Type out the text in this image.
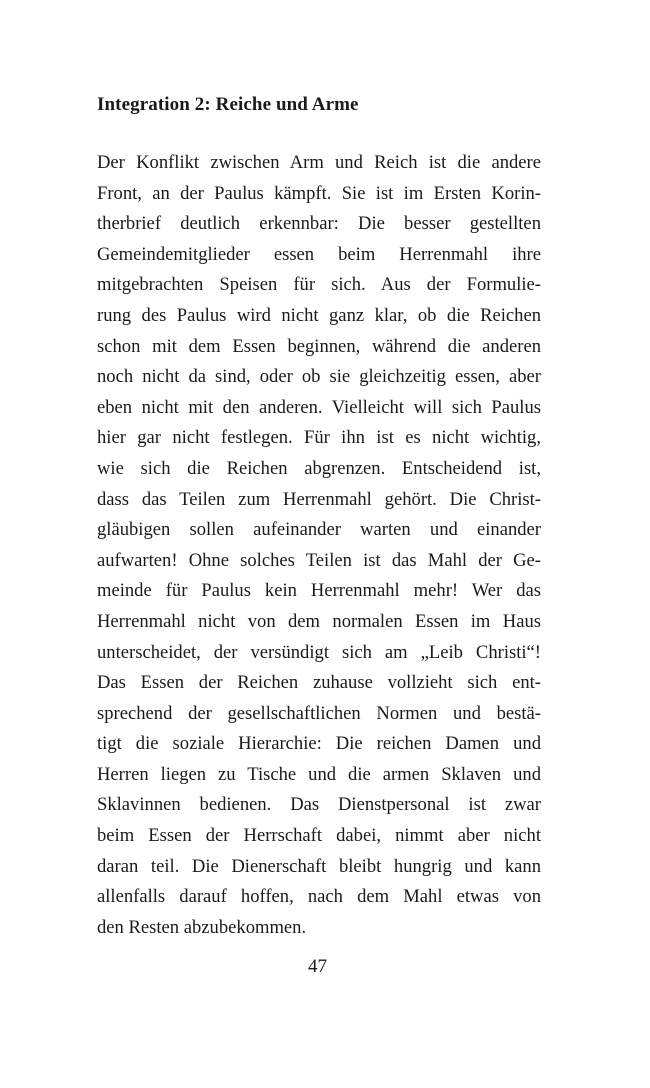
Integration 2: Reiche und Arme
Der Konflikt zwischen Arm und Reich ist die andere
Front, an der Paulus kämpft. Sie ist im Ersten Korin-
therbrief deutlich erkennbar: Die besser gestellten
Gemeindemitglieder essen beim Herrenmahl ihre
mitgebrachten Speisen für sich. Aus der Formulie-
rung des Paulus wird nicht ganz klar, ob die Reichen
schon mit dem Essen beginnen, während die anderen
noch nicht da sind, oder ob sie gleichzeitig essen, aber
eben nicht mit den anderen. Vielleicht will sich Paulus
hier gar nicht festlegen. Für ihn ist es nicht wichtig,
wie sich die Reichen abgrenzen. Entscheidend ist,
dass das Teilen zum Herrenmahl gehört. Die Christ-
gläubigen sollen aufeinander warten und einander
aufwarten! Ohne solches Teilen ist das Mahl der Ge-
meinde für Paulus kein Herrenmahl mehr! Wer das
Herrenmahl nicht von dem normalen Essen im Haus
unterscheidet, der versündigt sich am „Leib Christi“!
Das Essen der Reichen zuhause vollzieht sich ent-
sprechend der gesellschaftlichen Normen und bestä-
tigt die soziale Hierarchie: Die reichen Damen und
Herren liegen zu Tische und die armen Sklaven und
Sklavinnen bedienen. Das Dienstpersonal ist zwar
beim Essen der Herrschaft dabei, nimmt aber nicht
daran teil. Die Dienerschaft bleibt hungrig und kann
allenfalls darauf hoffen, nach dem Mahl etwas von
den Resten abzubekommen.
47
